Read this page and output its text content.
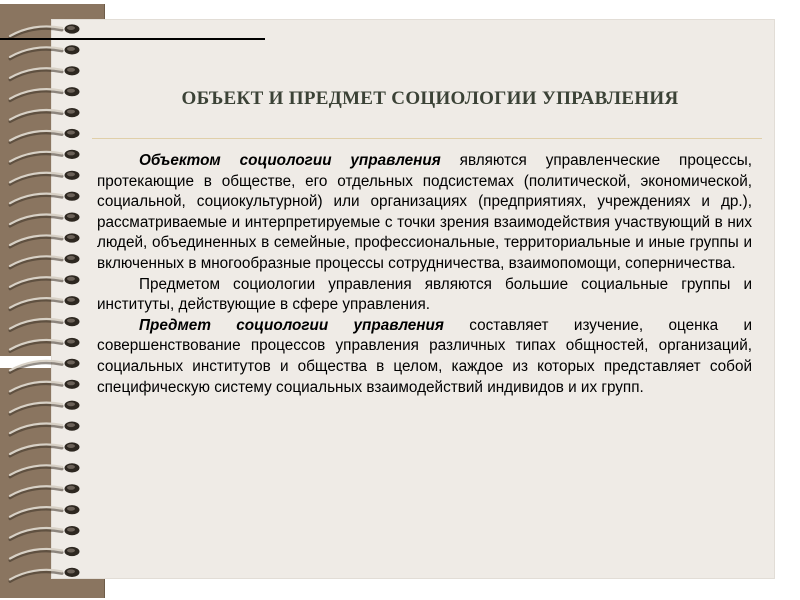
ОБЪЕКТ И ПРЕДМЕТ СОЦИОЛОГИИ УПРАВЛЕНИЯ

Объектом социологии управления являются управленческие процессы, протекающие в обществе, его отдельных подсистемах (политической, экономической, социальной, социокультурной) или организациях (предприятиях, учреждениях и др.), рассматриваемые и интерпретируемые с точки зрения взаимодействия участвующий в них людей, объединенных в семейные, профессиональные, территориальные и иные группы и включенных в многообразные процессы сотрудничества, взаимопомощи, соперничества.

Предметом социологии управления являются большие социальные группы и институты, действующие в сфере управления.

Предмет социологии управления составляет изучение, оценка и совершенствование процессов управления различных типах общностей, организаций, социальных институтов и общества в целом, каждое из которых представляет собой специфическую систему социальных взаимодействий индивидов и их групп.
